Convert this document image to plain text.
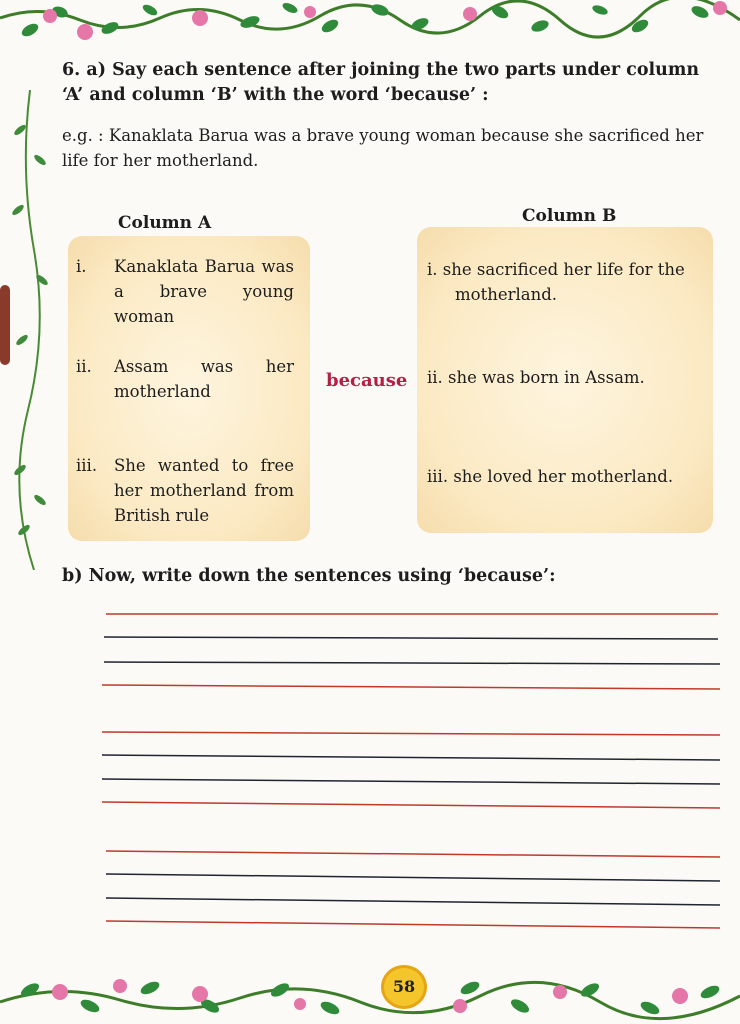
6. a) Say each sentence after joining the two parts under column ‘A’ and column ‘B’ with the word ‘because’ :
e.g. : Kanaklata Barua was a brave young woman because she sacrificed her life for her motherland.
Column A	Column B
i. Kanaklata Barua was a brave young woman
ii. Assam was her motherland
iii. She wanted to free her motherland from British rule
because
i. she sacrificed her life for the motherland.
ii. she was born in Assam.
iii. she loved her motherland.
b) Now, write down the sentences using ‘because’:
58
